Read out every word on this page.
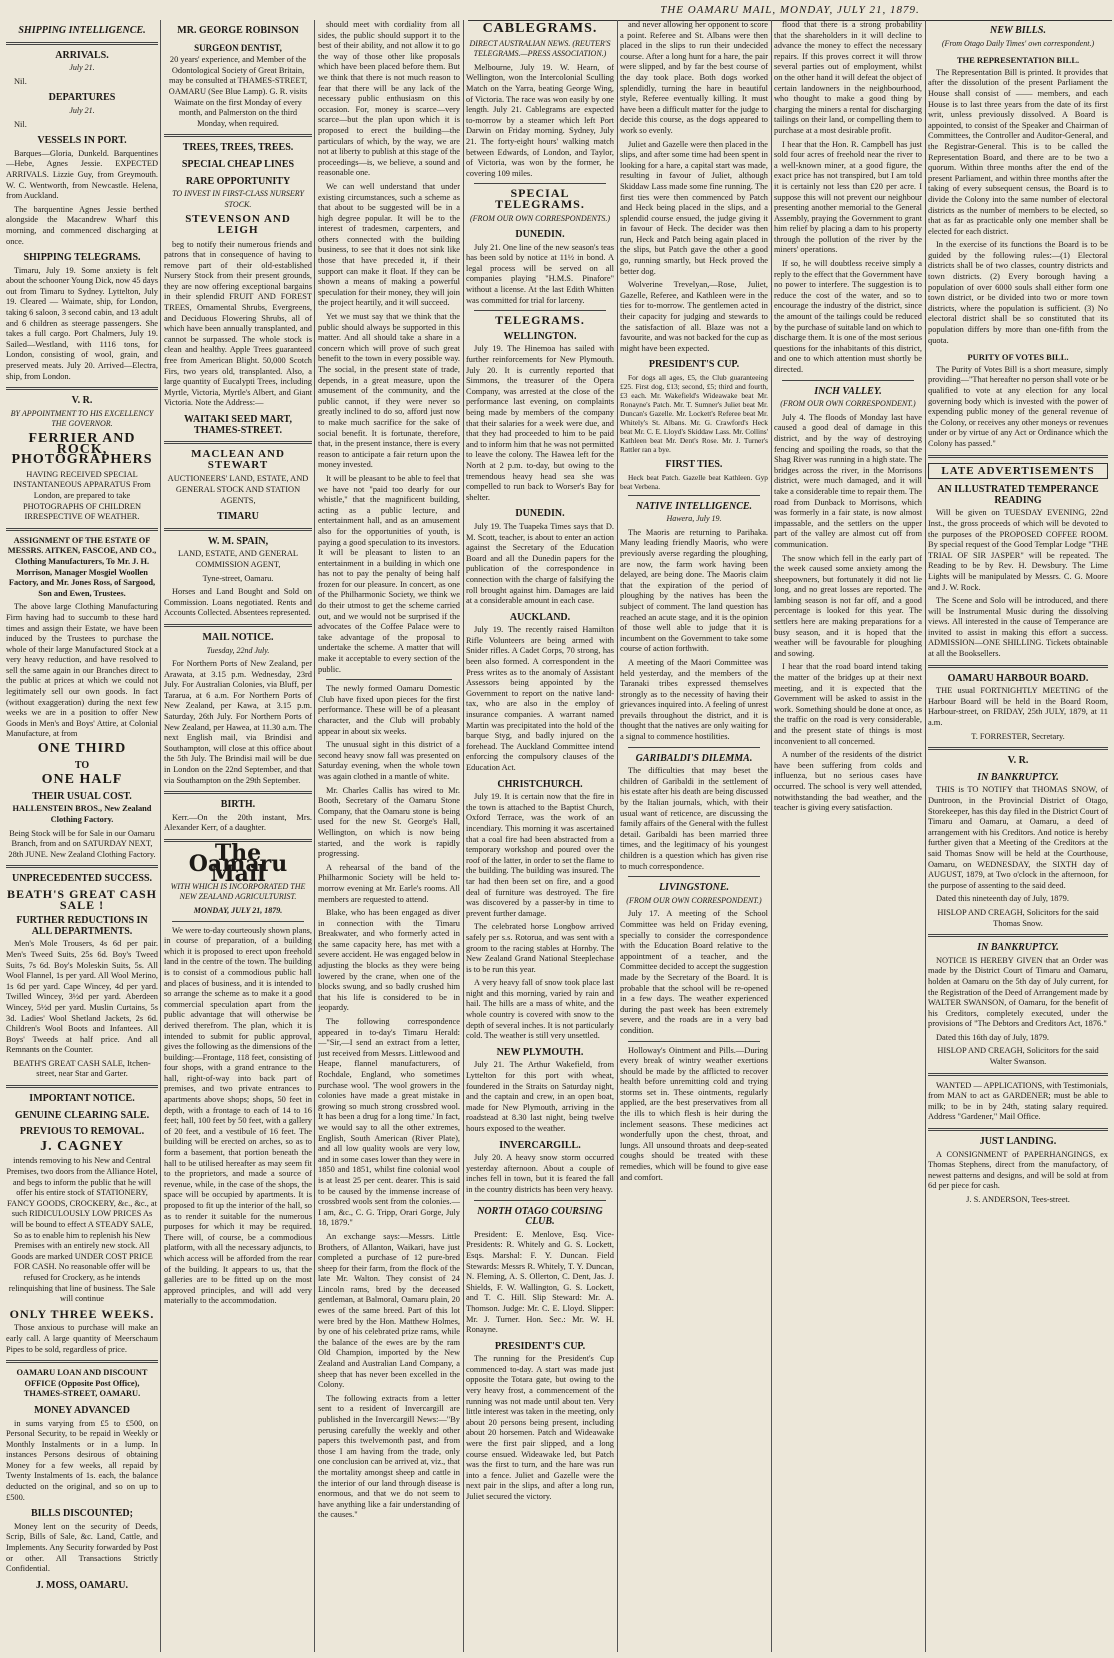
THE OAMARU MAIL, MONDAY, JULY 21, 1879.
SHIPPING INTELLIGENCE.
ARRIVALS.
July 21.

Nil.

DEPARTURES
July 21.

Nil.

VESSELS IN PORT.

Barques—Gloria, Dunkeld. Barquentines—Hebe, Agnes Jessie. EXPECTED ARRIVALS. Lizzie Guy, from Greymouth. W. C. Wentworth, from Newcastle. Helena, from Auckland.

The barquentine Agnes Jessie berthed alongside the Macandrew Wharf this morning, and commenced discharging at once.

SHIPPING TELEGRAMS.

Timaru, July 19. Some anxiety is felt about the schooner Young Dick, now 45 days out from Timaru to Sydney. Lyttelton, July 19. Cleared — Waimate, ship, for London, taking 6 saloon, 3 second cabin, and 13 adult and 6 children as steerage passengers. She takes a full cargo. Port Chalmers, July 19. Sailed—Westland, with 1116 tons, for London, consisting of wool, grain, and preserved meats. July 20. Arrived—Electra, ship, from London.

V. R.
BY APPOINTMENT TO HIS EXCELLENCY THE GOVERNOR.
FERRIER AND ROCK, PHOTOGRAPHERS

HAVING RECEIVED SPECIAL INSTANTANEOUS APPARATUS From London, are prepared to take PHOTOGRAPHS OF CHILDREN IRRESPECTIVE OF WEATHER.

ASSIGNMENT OF THE ESTATE OF MESSRS. AITKEN, FASCOE, AND CO., Clothing Manufacturers, To Mr. J. H. Morrison, Manager Mosgiel Woollen Factory, and Mr. Jones Ross, of Sargood, Son and Ewen, Trustees.

The above large Clothing Manufacturing Firm having had to succumb to these hard times and assign their Estate, we have been induced by the Trustees to purchase the whole of their large Manufactured Stock at a very heavy reduction, and have resolved to sell the same again in our Branches direct to the public at prices at which we could not legitimately sell our own goods. In fact (without exaggeration) during the next few weeks we are in a position to offer New Goods in Men's and Boys' Attire, at Colonial Manufacture, at from

ONE THIRD
TO
ONE HALF
THEIR USUAL COST.

HALLENSTEIN BROS., New Zealand Clothing Factory.

Being Stock will be for Sale in our Oamaru Branch, from and on SATURDAY NEXT, 28th JUNE. New Zealand Clothing Factory.

UNPRECEDENTED SUCCESS.
BEATH'S GREAT CASH SALE !
FURTHER REDUCTIONS IN ALL DEPARTMENTS.

Men's Mole Trousers, 4s 6d per pair. Men's Tweed Suits, 25s 6d. Boy's Tweed Suits, 7s 6d. Boy's Moleskin Suits, 5s. All Wool Flannel, 1s per yard. All Wool Merino, 1s 6d per yard. Cape Wincey, 4d per yard. Twilled Wincey, 3½d per yard. Aberdeen Wincey, 5½d per yard. Muslin Curtains, 5s 3d. Ladies' Wool Shetland Jackets, 2s 6d. Children's Wool Boots and Infantees. All Boys' Tweeds at half price. And all Remnants on the Counter.

BEATH'S GREAT CASH SALE, Itchen-street, near Star and Garter.

IMPORTANT NOTICE.
GENUINE CLEARING SALE.
PREVIOUS TO REMOVAL.
J. CAGNEY

intends removing to his New and Central Premises, two doors from the Alliance Hotel, and begs to inform the public that he will offer his entire stock of STATIONERY, FANCY GOODS, CROCKERY, &c., &c., at such RIDICULOUSLY LOW PRICES As will be bound to effect A STEADY SALE, So as to enable him to replenish his New Premises with an entirely new stock. All Goods are marked UNDER COST PRICE FOR CASH. No reasonable offer will be refused for Crockery, as he intends relinquishing that line of business. The Sale will continue

ONLY THREE WEEKS.

Those anxious to purchase will make an early call. A large quantity of Meerschaum Pipes to be sold, regardless of price.

OAMARU LOAN AND DISCOUNT OFFICE (Opposite Post Office), THAMES-STREET, OAMARU.

MONEY ADVANCED

in sums varying from £5 to £500, on Personal Security, to be repaid in Weekly or Monthly Instalments or in a lump. In instances Persons desirous of obtaining Money for a few weeks, all repaid by Twenty Instalments of 1s. each, the balance deducted on the original, and so on up to £500.

BILLS DISCOUNTED;

Money lent on the security of Deeds, Scrip, Bills of Sale, &c. Land, Cattle, and Implements. Any Security forwarded by Post or other. All Transactions Strictly Confidential.

J. MOSS, OAMARU.
MR. GEORGE ROBINSON
SURGEON DENTIST,

20 years' experience, and Member of the Odontological Society of Great Britain, may be consulted at THAMES-STREET, OAMARU (See Blue Lamp). G. R. visits Waimate on the first Monday of every month, and Palmerston on the third Monday, when required.

TREES, TREES, TREES.
SPECIAL CHEAP LINES
RARE OPPORTUNITY
TO INVEST IN FIRST-CLASS NURSERY STOCK.
STEVENSON AND LEIGH

beg to notify their numerous friends and patrons that in consequence of having to remove part of their old-established Nursery Stock from their present grounds, they are now offering exceptional bargains in their splendid FRUIT AND FOREST TREES, Ornamental Shrubs, Evergreens, and Deciduous Flowering Shrubs, all of which have been annually transplanted, and cannot be surpassed. The whole stock is clean and healthy. Apple Trees guaranteed free from American Blight. 50,000 Scotch Firs, two years old, transplanted. Also, a large quantity of Eucalypti Trees, including Myrtle, Victoria, Myrtle's Albert, and Giant Victoria. Note the Address:—

WAITAKI SEED MART, THAMES-STREET.
MACLEAN AND STEWART

AUCTIONEERS' LAND, ESTATE, AND GENERAL STOCK AND STATION AGENTS,

TIMARU
W. M. SPAIN,

LAND, ESTATE, AND GENERAL COMMISSION AGENT,

Tyne-street, Oamaru.

Horses and Land Bought and Sold on Commission. Loans negotiated. Rents and Accounts Collected. Absentees represented.

MAIL NOTICE.
Tuesday, 22nd July.

For Northern Ports of New Zealand, per Arawata, at 3.15 p.m. Wednesday, 23rd July. For Australian Colonies, via Bluff, per Tararua, at 6 a.m. For Northern Ports of New Zealand, per Kawa, at 3.15 p.m. Saturday, 26th July. For Northern Ports of New Zealand, per Hawea, at 11.30 a.m. The next English mail, via Brindisi and Southampton, will close at this office about the 5th July. The Brindisi mail will be due in London on the 22nd September, and that via Southampton on the 29th September.

BIRTH.

Kerr.—On the 20th instant, Mrs. Alexander Kerr, of a daughter.

The Oamaru Mail
WITH WHICH IS INCORPORATED THE NEW ZEALAND AGRICULTURIST.
MONDAY, JULY 21, 1879.

We were to-day courteously shown plans, in course of preparation, of a building which it is proposed to erect upon freehold land in the centre of the town. The building is to consist of a commodious public hall and places of business, and it is intended to so arrange the scheme as to make it a good commercial speculation apart from the public advantage that will otherwise be derived therefrom. The plan, which it is intended to submit for public approval, gives the following as the dimensions of the building:—Frontage, 118 feet, consisting of four shops, with a grand entrance to the hall, right-of-way into back part of premises, and two private entrances to apartments above shops; shops, 50 feet in depth, with a frontage to each of 14 to 16 feet; hall, 100 feet by 50 feet, with a gallery of 20 feet, and a vestibule of 16 feet. The building will be erected on arches, so as to form a basement, that portion beneath the hall to be utilised hereafter as may seem fit to the proprietors, and made a source of revenue, while, in the case of the shops, the space will be occupied by apartments. It is proposed to fit up the interior of the hall, so as to render it suitable for the numerous purposes for which it may be required. There will, of course, be a commodious platform, with all the necessary adjuncts, to which access will be afforded from the rear of the building. It appears to us, that the galleries are to be fitted up on the most approved principles, and will add very materially to the accommodation.

should meet with cordiality from all sides, the public should support it to the best of their ability, and not allow it to go the way of those other like proposals which have been placed before them. But we think that there is not much reason to fear that there will be any lack of the necessary public enthusiasm on this occasion. For, money is scarce—very scarce—but the plan upon which it is proposed to erect the building—the particulars of which, by the way, we are not at liberty to publish at this stage of the proceedings—is, we believe, a sound and reasonable one.

We can well understand that under existing circumstances, such a scheme as that about to be suggested will be in a high degree popular. It will be to the interest of tradesmen, carpenters, and others connected with the building business, to see that it does not sink like those that have preceded it, if their support can make it float. If they can be shown a means of making a powerful speculation for their money, they will join the project heartily, and it will succeed.

Yet we must say that we think that the public should always be supported in this matter. And all should take a share in a concern which will prove of such great benefit to the town in every possible way. The social, in the present state of trade, depends, in a great measure, upon the amusement of the community, and the public cannot, if they were never so greatly inclined to do so, afford just now to make much sacrifice for the sake of social benefit. It is fortunate, therefore, that, in the present instance, there is every reason to anticipate a fair return upon the money invested.

It will be pleasant to be able to feel that we have not "paid too dearly for our whistle," that the magnificent building, acting as a public lecture, and entertainment hall, and as an amusement also for the opportunities of youth, is paying a good speculation to its investors. It will be pleasant to listen to an entertainment in a building in which one has not to pay the penalty of being half frozen for our pleasure. In concert, as one of the Philharmonic Society, we think we do their utmost to get the scheme carried out, and we would not be surprised if the advocates of the Coffee Palace were to take advantage of the proposal to undertake the scheme. A matter that will make it acceptable to every section of the public.

The newly formed Oamaru Domestic Club have fixed upon pieces for the first performance. These will be of a pleasant character, and the Club will probably appear in about six weeks.

The unusual sight in this district of a second heavy snow fall was presented on Saturday evening, when the whole town was again clothed in a mantle of white.

Mr. Charles Callis has wired to Mr. Booth, Secretary of the Oamaru Stone Company, that the Oamaru stone is being used for the new St. George's Hall, Wellington, on which is now being started, and the work is rapidly progressing.

A rehearsal of the band of the Philharmonic Society will be held to-morrow evening at Mr. Earle's rooms. All members are requested to attend.

Blake, who has been engaged as diver in connection with the Timaru Breakwater, and who formerly acted in the same capacity here, has met with a severe accident. He was engaged below in adjusting the blocks as they were being lowered by the crane, when one of the blocks swung, and so badly crushed him that his life is considered to be in jeopardy.

The following correspondence appeared in to-day's Timaru Herald:—"Sir,—I send an extract from a letter, just received from Messrs. Littlewood and Heape, flannel manufacturers, of Rochdale, England, who sometimes purchase wool. 'The wool growers in the colonies have made a great mistake in growing so much strong crossbred wool. It has been a drug for a long time.' In fact, we would say to all the other extremes, English, South American (River Plate), and all low quality wools are very low, and in some cases lower than they were in 1850 and 1851, whilst fine colonial wool is at least 25 per cent. dearer. This is said to be caused by the immense increase of crossbred wools sent from the colonies.—I am, &c., C. G. Tripp, Orari Gorge, July 18, 1879."

An exchange says:—Messrs. Little Brothers, of Allanton, Waikari, have just completed a purchase of 12 pure-bred sheep for their farm, from the flock of the late Mr. Walton. They consist of 24 Lincoln rams, bred by the deceased gentleman, at Balmoral, Oamaru plain, 20 ewes of the same breed. Part of this lot were bred by the Hon. Matthew Holmes, by one of his celebrated prize rams, while the balance of the ewes are by the ram Old Champion, imported by the New Zealand and Australian Land Company, a sheep that has never been excelled in the Colony.

The following extracts from a letter sent to a resident of Invercargill are published in the Invercargill News:—"By perusing carefully the weekly and other papers this twelvemonth past, and from those I am having from the trade, only one conclusion can be arrived at, viz., that the mortality amongst sheep and cattle in the interior of our land through disease is enormous, and that we do not seem to have anything like a fair understanding of the causes."

CABLEGRAMS.
DIRECT AUSTRALIAN NEWS. (REUTER'S TELEGRAMS.—PRESS ASSOCIATION.)

Melbourne, July 19. W. Hearn, of Wellington, won the Intercolonial Sculling Match on the Yarra, beating George Wing, of Victoria. The race was won easily by one length. July 21. Cablegrams are expected to-morrow by a steamer which left Port Darwin on Friday morning. Sydney, July 21. The forty-eight hours' walking match between Edwards, of London, and Taylor, of Victoria, was won by the former, he covering 109 miles.

SPECIAL TELEGRAMS.
(FROM OUR OWN CORRESPONDENTS.)
DUNEDIN.

July 21. One line of the new season's teas has been sold by notice at 11½ in bond. A legal process will be served on all companies playing "H.M.S. Pinafore" without a license. At the last Edith Whitten was committed for trial for larceny.

TELEGRAMS.
WELLINGTON.

July 19. The Hinemoa has sailed with further reinforcements for New Plymouth. July 20. It is currently reported that Simmons, the treasurer of the Opera Company, was arrested at the close of the performance last evening, on complaints being made by members of the company that their salaries for a week were due, and that they had proceeded to him to be paid and to inform him that he was not permitted to leave the colony. The Hawea left for the North at 2 p.m. to-day, but owing to the tremendous heavy head sea she was compelled to run back to Worser's Bay for shelter.

DUNEDIN.

July 19. The Tuapeka Times says that D. M. Scott, teacher, is about to enter an action against the Secretary of the Education Board and all the Dunedin papers for the publication of the correspondence in connection with the charge of falsifying the roll brought against him. Damages are laid at a considerable amount in each case.

AUCKLAND.

July 19. The recently raised Hamilton Rifle Volunteers are being armed with Snider rifles. A Cadet Corps, 70 strong, has been also formed. A correspondent in the Press writes as to the anomaly of Assistant Assessors being appointed by the Government to report on the native land-tax, who are also in the employ of insurance companies. A warrant named Martin was precipitated into the hold of the barque Styg, and badly injured on the forehead. The Auckland Committee intend enforcing the compulsory clauses of the Education Act.

CHRISTCHURCH.

July 19. It is certain now that the fire in the town is attached to the Baptist Church, Oxford Terrace, was the work of an incendiary. This morning it was ascertained that a coal fire had been abstracted from a temporary workshop and poured over the roof of the latter, in order to set the flame to the building. The building was insured. The tar had then been set on fire, and a good deal of furniture was destroyed. The fire was discovered by a passer-by in time to prevent further damage.

The celebrated horse Longbow arrived safely per s.s. Rotorua, and was sent with a groom to the racing stables at Hornby. The New Zealand Grand National Steeplechase is to be run this year.

A very heavy fall of snow took place last night and this morning, varied by rain and hail. The hills are a mass of white, and the whole country is covered with snow to the depth of several inches. It is not particularly cold. The weather is still very unsettled.

NEW PLYMOUTH.

July 21. The Arthur Wakefield, from Lyttelton for this port with wheat, foundered in the Straits on Saturday night, and the captain and crew, in an open boat, made for New Plymouth, arriving in the roadstead at 8.30 last night, being twelve hours exposed to the weather.

INVERCARGILL.

July 20. A heavy snow storm occurred yesterday afternoon. About a couple of inches fell in town, but it is feared the fall in the country districts has been very heavy.

NORTH OTAGO COURSING CLUB.

President: E. Menlove, Esq. Vice-Presidents: R. Whitely and G. S. Lockett, Esqs. Marshal: F. Y. Duncan. Field Stewards: Messrs R. Whitely, T. Y. Duncan, N. Fleming, A. S. Ollerton, C. Dent, Jas. J. Shields, F. W. Wallington, G. S. Lockett, and T. C. Hill. Slip Steward: Mr. A. Thomson. Judge: Mr. C. E. Lloyd. Slipper: Mr. J. Turner. Hon. Sec.: Mr. W. H. Ronayne.

PRESIDENT'S CUP.

The running for the President's Cup commenced to-day. A start was made just opposite the Totara gate, but owing to the very heavy frost, a commencement of the running was not made until about ten. Very little interest was taken in the meeting, only about 20 persons being present, including about 20 horsemen. Patch and Wideawake were the first pair slipped, and a long course ensued. Wideawake led, but Patch was the first to turn, and the hare was run into a fence. Juliet and Gazelle were the next pair in the slips, and after a long run, Juliet secured the victory.

and never allowing her opponent to score a point. Referee and St. Albans were then placed in the slips to run their undecided course. After a long hunt for a hare, the pair were slipped, and by far the best course of the day took place. Both dogs worked splendidly, turning the hare in beautiful style, Referee eventually killing. It must have been a difficult matter for the judge to decide this course, as the dogs appeared to work so evenly.

Juliet and Gazelle were then placed in the slips, and after some time had been spent in looking for a hare, a capital start was made, resulting in favour of Juliet, although Skiddaw Lass made some fine running. The first ties were then commenced by Patch and Heck being placed in the slips, and a splendid course ensued, the judge giving it in favour of Heck. The decider was then run, Heck and Patch being again placed in the slips, but Patch gave the other a good go, running smartly, but Heck proved the better dog.

Wolverine Trevelyan,—Rose, Juliet, Gazelle, Referee, and Kathleen were in the ties for to-morrow. The gentlemen acted in their capacity for judging and stewards to the satisfaction of all. Blaze was not a favourite, and was not backed for the cup as might have been expected.

PRESIDENT'S CUP.

For dogs all ages, £5, the Club guaranteeing £25. First dog, £13; second, £5; third and fourth, £3 each. Mr. Wakefield's Wideawake beat Mr. Ronayne's Patch. Mr. T. Sumner's Juliet beat Mr. Duncan's Gazelle. Mr. Lockett's Referee beat Mr. Whitely's St. Albans. Mr. G. Crawford's Heck beat Mr. C. E. Lloyd's Skiddaw Lass. Mr. Collins' Kathleen beat Mr. Dent's Rose. Mr. J. Turner's Rattler ran a bye.

FIRST TIES.

Heck beat Patch. Gazelle beat Kathleen. Gyp beat Verbena.

NATIVE INTELLIGENCE.
Hawera, July 19.

The Maoris are returning to Parihaka. Many leading friendly Maoris, who were previously averse regarding the ploughing, are now, the farm work having been delayed, are being done. The Maoris claim that the expiration of the period of ploughing by the natives has been the subject of comment. The land question has reached an acute stage, and it is the opinion of those well able to judge that it is incumbent on the Government to take some course of action forthwith.

A meeting of the Maori Committee was held yesterday, and the members of the Taranaki tribes expressed themselves strongly as to the necessity of having their grievances inquired into. A feeling of unrest prevails throughout the district, and it is thought that the natives are only waiting for a signal to commence hostilities.

GARIBALDI'S DILEMMA.

The difficulties that may beset the children of Garibaldi in the settlement of his estate after his death are being discussed by the Italian journals, which, with their usual want of reticence, are discussing the family affairs of the General with the fullest detail. Garibaldi has been married three times, and the legitimacy of his youngest children is a question which has given rise to much correspondence.

LIVINGSTONE.
(FROM OUR OWN CORRESPONDENT.)

July 17. A meeting of the School Committee was held on Friday evening, specially to consider the correspondence with the Education Board relative to the appointment of a teacher, and the Committee decided to accept the suggestion made by the Secretary of the Board. It is probable that the school will be re-opened in a few days. The weather experienced during the past week has been extremely severe, and the roads are in a very bad condition.

Holloway's Ointment and Pills.—During every break of wintry weather exertions should be made by the afflicted to recover health before unremitting cold and trying storms set in. These ointments, regularly applied, are the best preservatives from all the ills to which flesh is heir during the inclement seasons. These medicines act wonderfully upon the chest, throat, and lungs. All unsound throats and deep-seated coughs should be treated with these remedies, which will be found to give ease and comfort.

flood that there is a strong probability that the shareholders in it will decline to advance the money to effect the necessary repairs. If this proves correct it will throw several parties out of employment, whilst on the other hand it will defeat the object of certain landowners in the neighbourhood, who thought to make a good thing by charging the miners a rental for discharging tailings on their land, or compelling them to purchase at a most desirable profit.

I hear that the Hon. R. Campbell has just sold four acres of freehold near the river to a well-known miner, at a good figure, the exact price has not transpired, but I am told it is certainly not less than £20 per acre. I suppose this will not prevent our neighbour presenting another memorial to the General Assembly, praying the Government to grant him relief by placing a dam to his property through the pollution of the river by the miners' operations.

If so, he will doubtless receive simply a reply to the effect that the Government have no power to interfere. The suggestion is to reduce the cost of the water, and so to encourage the industry of the district, since the amount of the tailings could be reduced by the purchase of suitable land on which to discharge them. It is one of the most serious questions for the inhabitants of this district, and one to which attention must shortly be directed.

INCH VALLEY.
(FROM OUR OWN CORRESPONDENT.)

July 4. The floods of Monday last have caused a good deal of damage in this district, and by the way of destroying fencing and spoiling the roads, so that the Shag River was running in a high state. The bridges across the river, in the Morrisons district, were much damaged, and it will take a considerable time to repair them. The road from Dunback to Morrisons, which was formerly in a fair state, is now almost impassable, and the settlers on the upper part of the valley are almost cut off from communication.

The snow which fell in the early part of the week caused some anxiety among the sheepowners, but fortunately it did not lie long, and no great losses are reported. The lambing season is not far off, and a good percentage is looked for this year. The settlers here are making preparations for a busy season, and it is hoped that the weather will be favourable for ploughing and sowing.

I hear that the road board intend taking the matter of the bridges up at their next meeting, and it is expected that the Government will be asked to assist in the work. Something should be done at once, as the traffic on the road is very considerable, and the present state of things is most inconvenient to all concerned.

A number of the residents of the district have been suffering from colds and influenza, but no serious cases have occurred. The school is very well attended, notwithstanding the bad weather, and the teacher is giving every satisfaction.

NEW BILLS.
(From Otago Daily Times' own correspondent.)
THE REPRESENTATION BILL.

The Representation Bill is printed. It provides that after the dissolution of the present Parliament the House shall consist of —— members, and each House is to last three years from the date of its first writ, unless previously dissolved. A Board is appointed, to consist of the Speaker and Chairman of Committees, the Controller and Auditor-General, and the Registrar-General. This is to be called the Representation Board, and there are to be two a quorum. Within three months after the end of the present Parliament, and within three months after the taking of every subsequent census, the Board is to divide the Colony into the same number of electoral districts as the number of members to be elected, so that as far as practicable only one member shall be elected for each district.

In the exercise of its functions the Board is to be guided by the following rules:—(1) Electoral districts shall be of two classes, country districts and town districts. (2) Every borough having a population of over 6000 souls shall either form one town district, or be divided into two or more town districts, where the population is sufficient. (3) No electoral district shall be so constituted that its population differs by more than one-fifth from the quota.

PURITY OF VOTES BILL.

The Purity of Votes Bill is a short measure, simply providing—"That hereafter no person shall vote or be qualified to vote at any election for any local governing body which is invested with the power of expending public money of the general revenue of the Colony, or receives any other moneys or revenues under or by virtue of any Act or Ordinance which the Colony has passed."

LATE ADVERTISEMENTS
AN ILLUSTRATED TEMPERANCE READING

Will be given on TUESDAY EVENING, 22nd Inst., the gross proceeds of which will be devoted to the purposes of the PROPOSED COFFEE ROOM. By special request of the Good Templar Lodge "THE TRIAL OF SIR JASPER" will be repeated. The Reading to be by Rev. H. Dewsbury. The Lime Lights will be manipulated by Messrs. C. G. Moore and J. W. Rock.

The Scene and Solo will be introduced, and there will be Instrumental Music during the dissolving views. All interested in the cause of Temperance are invited to assist in making this effort a success. ADMISSION—ONE SHILLING. Tickets obtainable at all the Booksellers.

OAMARU HARBOUR BOARD.

THE usual FORTNIGHTLY MEETING of the Harbour Board will be held in the Board Room, Harbour-street, on FRIDAY, 25th JULY, 1879, at 11 a.m.

T. FORRESTER, Secretary.

V. R.
IN BANKRUPTCY.

THIS is TO NOTIFY that THOMAS SNOW, of Duntroon, in the Provincial District of Otago, Storekeeper, has this day filed in the District Court of Timaru and Oamaru, at Oamaru, a deed of arrangement with his Creditors. And notice is hereby further given that a Meeting of the Creditors at the said Thomas Snow will be held at the Courthouse, Oamaru, on WEDNESDAY, the SIXTH day of AUGUST, 1879, at Two o'clock in the afternoon, for the purpose of assenting to the said deed.

Dated this nineteenth day of July, 1879.

HISLOP AND CREAGH, Solicitors for the said Thomas Snow.

IN BANKRUPTCY.

NOTICE IS HEREBY GIVEN that an Order was made by the District Court of Timaru and Oamaru, holden at Oamaru on the 5th day of July current, for the Registration of the Deed of Arrangement made by WALTER SWANSON, of Oamaru, for the benefit of his Creditors, completely executed, under the provisions of "The Debtors and Creditors Act, 1876."

Dated this 16th day of July, 1879.

HISLOP AND CREAGH, Solicitors for the said Walter Swanson.

WANTED — APPLICATIONS, with Testimonials, from MAN to act as GARDENER; must be able to milk; to be in by 24th, stating salary required. Address "Gardener," Mail Office.

JUST LANDING.

A CONSIGNMENT of PAPERHANGINGS, ex Thomas Stephens, direct from the manufactory, of newest patterns and designs, and will be sold at from 6d per piece for cash.

J. S. ANDERSON, Tees-street.
